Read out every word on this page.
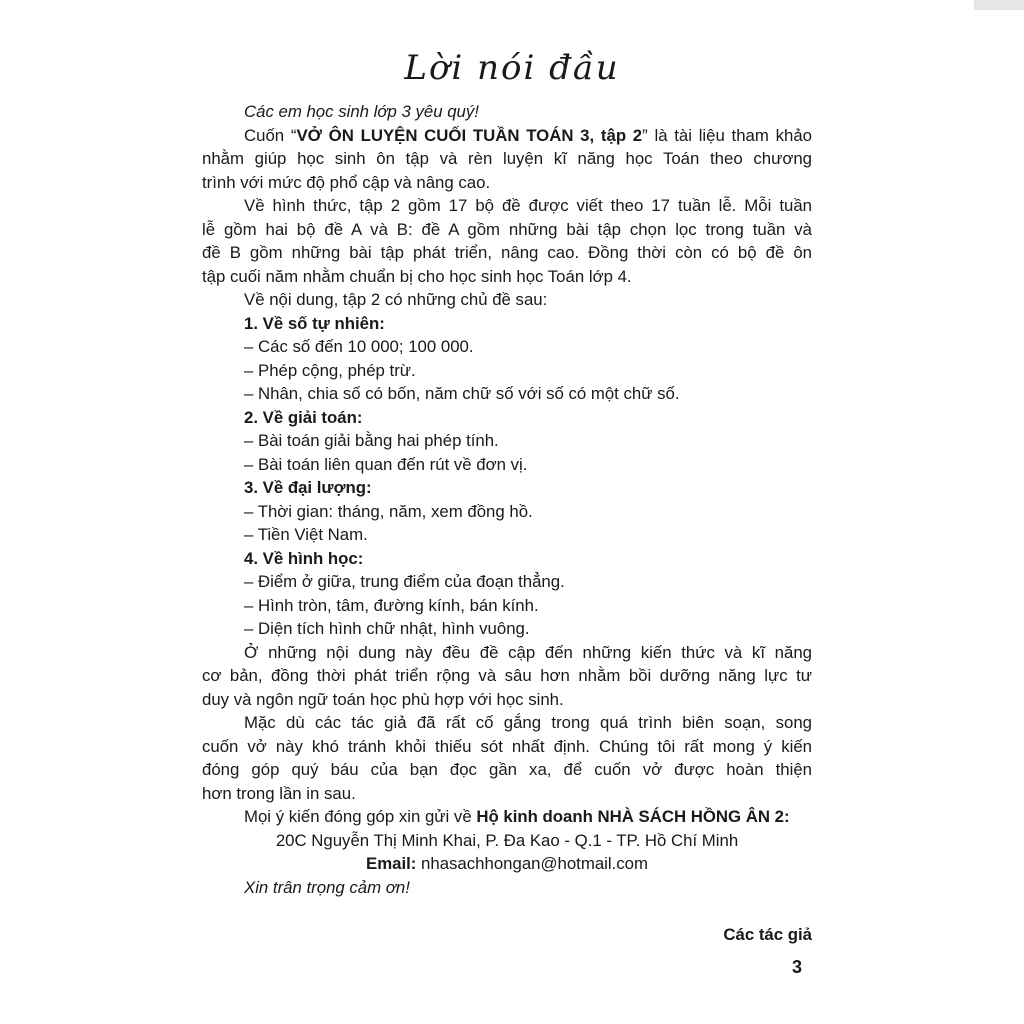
Lời nói đầu
Các em học sinh lớp 3 yêu quý!
Cuốn “VỞ ÔN LUYỆN CUỐI TUẦN TOÁN 3, tập 2” là tài liệu tham khảo
nhằm giúp học sinh ôn tập và rèn luyện kĩ năng học Toán theo chương
trình với mức độ phổ cập và nâng cao.
Về hình thức, tập 2 gồm 17 bộ đề được viết theo 17 tuần lễ. Mỗi tuần
lễ gồm hai bộ đề A và B: đề A gồm những bài tập chọn lọc trong tuần và
đề B gồm những bài tập phát triển, nâng cao. Đồng thời còn có bộ đề ôn
tập cuối năm nhằm chuẩn bị cho học sinh học Toán lớp 4.
Về nội dung, tập 2 có những chủ đề sau:
1. Về số tự nhiên:
– Các số đến 10 000; 100 000.
– Phép cộng, phép trừ.
– Nhân, chia số có bốn, năm chữ số với số có một chữ số.
2. Về giải toán:
– Bài toán giải bằng hai phép tính.
– Bài toán liên quan đến rút về đơn vị.
3. Về đại lượng:
– Thời gian: tháng, năm, xem đồng hồ.
– Tiền Việt Nam.
4. Về hình học:
– Điểm ở giữa, trung điểm của đoạn thẳng.
– Hình tròn, tâm, đường kính, bán kính.
– Diện tích hình chữ nhật, hình vuông.
Ở những nội dung này đều đề cập đến những kiến thức và kĩ năng
cơ bản, đồng thời phát triển rộng và sâu hơn nhằm bồi dưỡng năng lực tư
duy và ngôn ngữ toán học phù hợp với học sinh.
Mặc dù các tác giả đã rất cố gắng trong quá trình biên soạn, song
cuốn vở này khó tránh khỏi thiếu sót nhất định. Chúng tôi rất mong ý kiến
đóng góp quý báu của bạn đọc gần xa, để cuốn vở được hoàn thiện
hơn trong lần in sau.
Mọi ý kiến đóng góp xin gửi về Hộ kinh doanh NHÀ SÁCH HỒNG ÂN 2:
20C Nguyễn Thị Minh Khai, P. Đa Kao - Q.1 - TP. Hồ Chí Minh
Email: nhasachhongan@hotmail.com
Xin trân trọng cảm ơn!
Các tác giả
3
